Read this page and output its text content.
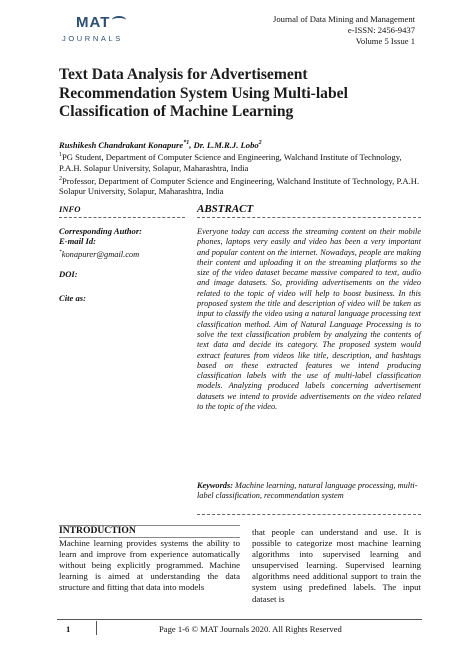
MAT
JOURNALS
Journal of Data Mining and Management
e-ISSN: 2456-9437
Volume 5 Issue 1
Text Data Analysis for Advertisement Recommendation System Using Multi-label Classification of Machine Learning
Rushikesh Chandrakant Konapure$^{*1}$, Dr. L.M.R.J. Lobo$^2$
$^1$PG Student, Department of Computer Science and Engineering, Walchand Institute of Technology, P.A.H. Solapur University, Solapur, Maharashtra, India
$^2$Professor, Department of Computer Science and Engineering, Walchand Institute of Technology, P.A.H. Solapur University, Solapur, Maharashtra, India
INFO
Corresponding Author:
E-mail Id:
*konapurer@gmail.com
DOI:
Cite as:
ABSTRACT
Everyone today can access the streaming content on their mobile phones, laptops very easily and video has been a very important and popular content on the internet. Nowadays, people are making their content and uploading it on the streaming platforms so the size of the video dataset became massive compared to text, audio and image datasets. So, providing advertisements on the video related to the topic of video will help to boost business. In this proposed system the title and description of video will be taken as input to classify the video using a natural language processing text classification method. Aim of Natural Language Processing is to solve the text classification problem by analyzing the contents of text data and decide its category. The proposed system would extract features from videos like title, description, and hashtags based on these extracted features we intend producing classification labels with the use of multi-label classification models. Analyzing produced labels concerning advertisement datasets we intend to provide advertisements on the video related to the topic of the video.
Keywords: Machine learning, natural language processing, multi-label classification, recommendation system
INTRODUCTION
Machine learning provides systems the ability to learn and improve from experience automatically without being explicitly programmed. Machine learning is aimed at understanding the data structure and fitting that data into models
that people can understand and use. It is possible to categorize most machine learning algorithms into supervised learning and unsupervised learning. Supervised learning algorithms need additional support to train the system using predefined labels. The input dataset is
1	Page 1-6 © MAT Journals 2020. All Rights Reserved
